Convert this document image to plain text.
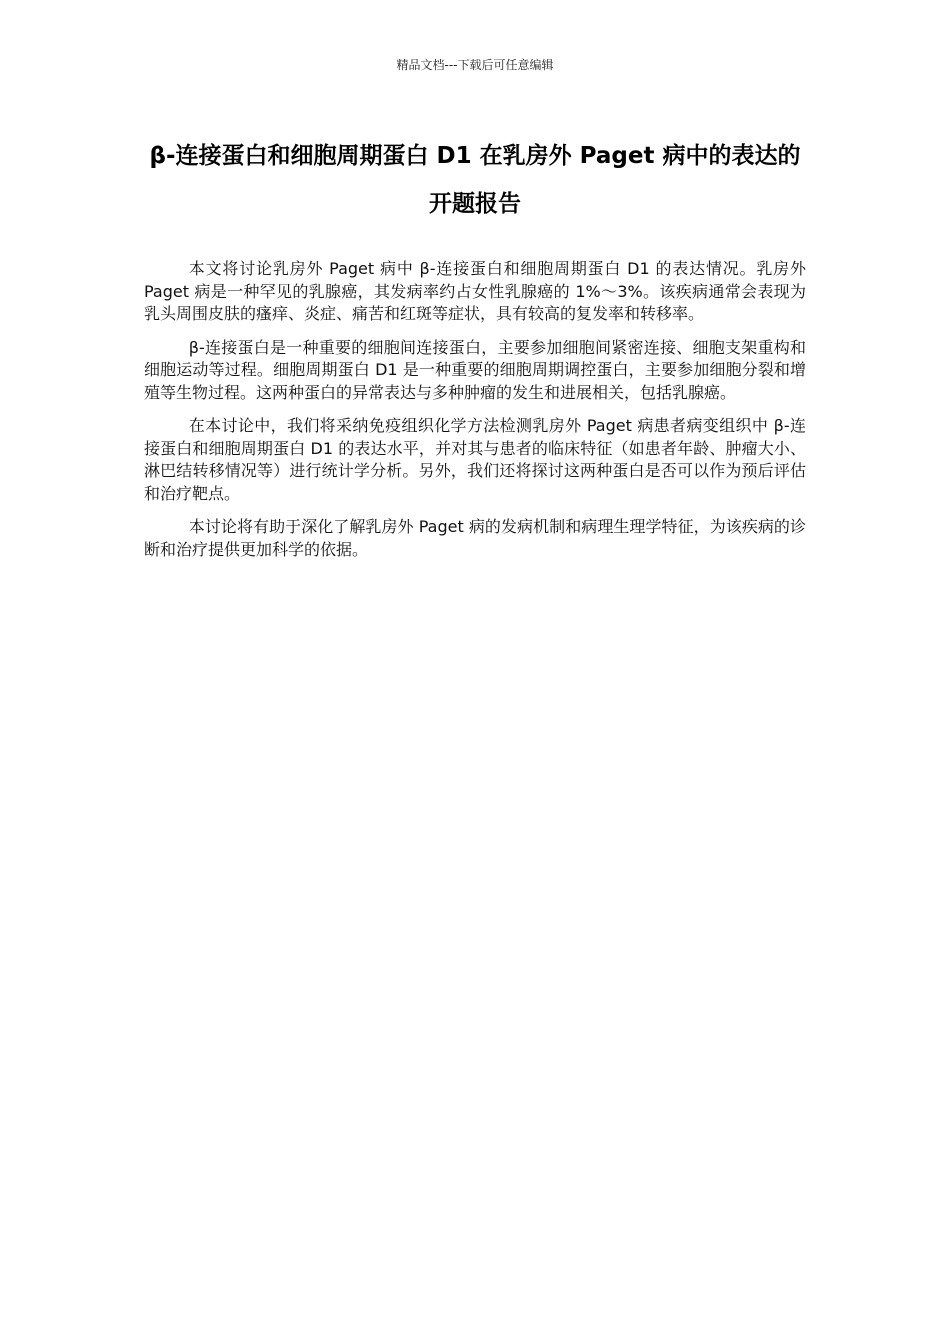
精品文档---下载后可任意编辑
β-连接蛋白和细胞周期蛋白 D1 在乳房外 Paget 病中的表达的开题报告

本文将讨论乳房外 Paget 病中 β-连接蛋白和细胞周期蛋白 D1 的表达情况。乳房外 Paget 病是一种罕见的乳腺癌，其发病率约占女性乳腺癌的 1%～3%。该疾病通常会表现为乳头周围皮肤的瘙痒、炎症、痛苦和红斑等症状，具有较高的复发率和转移率。

β-连接蛋白是一种重要的细胞间连接蛋白，主要参加细胞间紧密连接、细胞支架重构和细胞运动等过程。细胞周期蛋白 D1 是一种重要的细胞周期调控蛋白，主要参加细胞分裂和增殖等生物过程。这两种蛋白的异常表达与多种肿瘤的发生和进展相关，包括乳腺癌。

在本讨论中，我们将采纳免疫组织化学方法检测乳房外 Paget 病患者病变组织中 β-连接蛋白和细胞周期蛋白 D1 的表达水平，并对其与患者的临床特征（如患者年龄、肿瘤大小、淋巴结转移情况等）进行统计学分析。另外，我们还将探讨这两种蛋白是否可以作为预后评估和治疗靶点。

本讨论将有助于深化了解乳房外 Paget 病的发病机制和病理生理学特征，为该疾病的诊断和治疗提供更加科学的依据。
